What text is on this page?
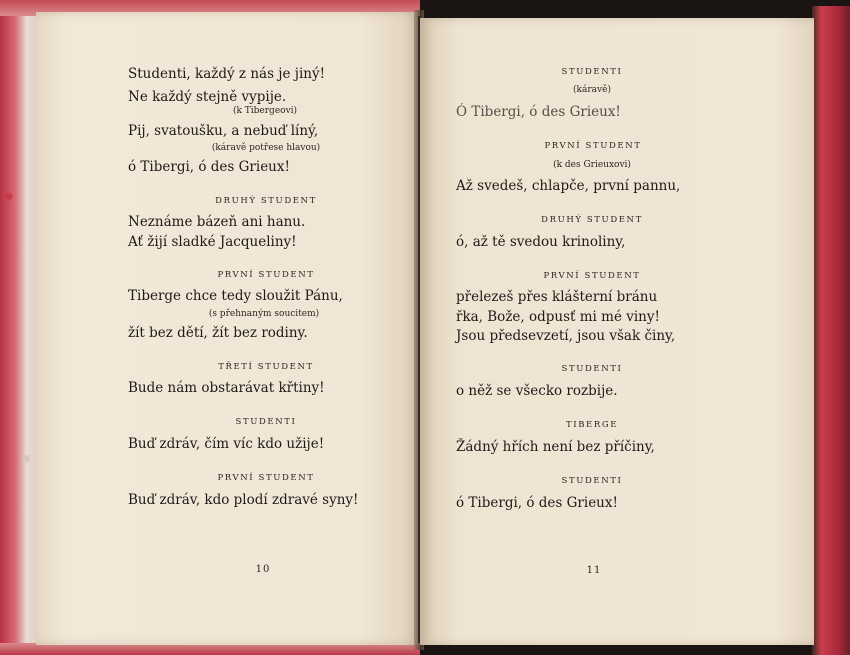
Studenti, každý z nás je jiný!
Ne každý stejně vypije.
(k Tibergeovi)
Pij, svatoušku, a nebuď líný,
(káravě potřese hlavou)
ó Tibergi, ó des Grieux!
DRUHÝ STUDENT
Neznáme bázeň ani hanu.
Ať žijí sladké Jacqueliny!
PRVNÍ STUDENT
Tiberge chce tedy sloužit Pánu,
(s přehnaným soucitem)
žít bez dětí, žít bez rodiny.
TŘETÍ STUDENT
Bude nám obstarávat křtiny!
STUDENTI
Buď zdráv, čím víc kdo užije!
PRVNÍ STUDENT
Buď zdráv, kdo plodí zdravé syny!
10
STUDENTI
(káravě)
Ó Tibergi, ó des Grieux!
PRVNÍ STUDENT
(k des Grieuxovi)
Až svedeš, chlapče, první pannu,
DRUHÝ STUDENT
ó, až tě svedou krinoliny,
PRVNÍ STUDENT
přelezeš přes klášterní bránu
řka, Bože, odpusť mi mé viny!
Jsou předsevzetí, jsou však činy,
STUDENTI
o něž se všecko rozbije.
TIBERGE
Žádný hřích není bez příčiny,
STUDENTI
ó Tibergi, ó des Grieux!
11
